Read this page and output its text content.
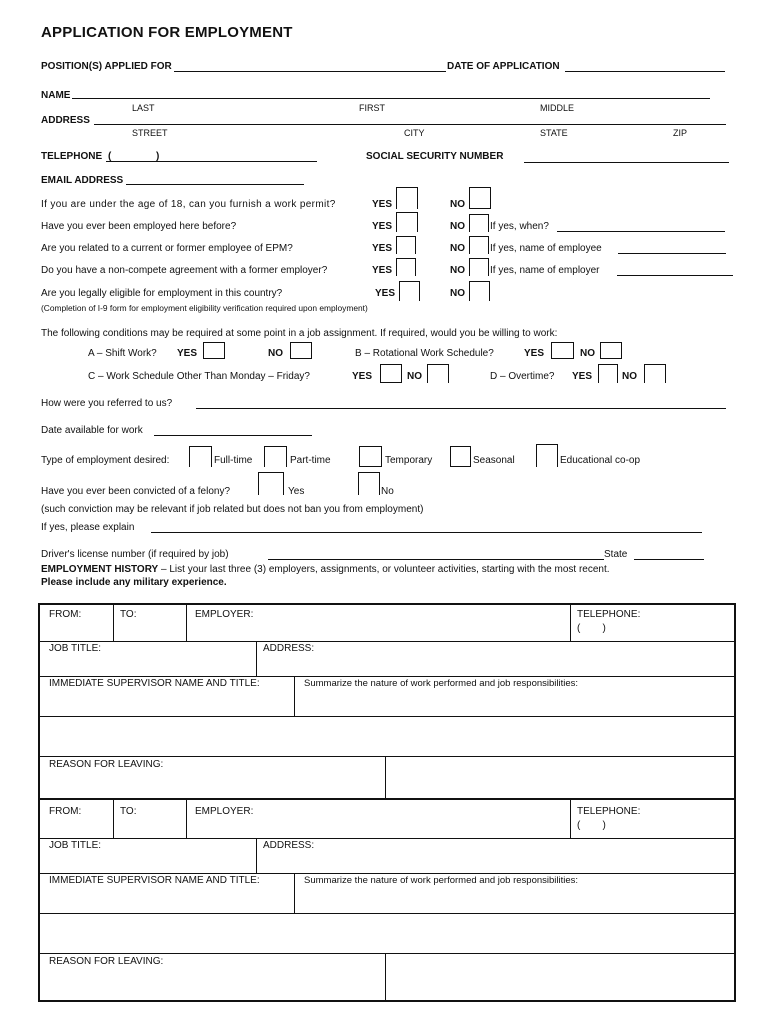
APPLICATION FOR EMPLOYMENT
POSITION(S) APPLIED FOR	DATE OF APPLICATION
NAME
LAST	FIRST	MIDDLE
ADDRESS
STREET	CITY	STATE	ZIP
TELEPHONE (	)	SOCIAL SECURITY NUMBER
EMAIL ADDRESS
If you are under the age of 18, can you furnish a work permit?	YES	NO
Have you ever been employed here before?	YES	NO	If yes, when?
Are you related to a current or former employee of EPM?	YES	NO	If yes, name of employee
Do you have a non-compete agreement with a former employer?	YES	NO	If yes, name of employer
Are you legally eligible for employment in this country?	YES	NO
(Completion of I-9 form for employment eligibility verification required upon employment)
The following conditions may be required at some point in a job assignment. If required, would you be willing to work:
A – Shift Work? YES	NO	B – Rotational Work Schedule?	YES	NO
C – Work Schedule Other Than Monday – Friday?	YES	NO	D – Overtime? YES	NO
How were you referred to us?
Date available for work
Type of employment desired:	Full-time	Part-time	Temporary	Seasonal	Educational co-op
Have you ever been convicted of a felony?	Yes	No
(such conviction may be relevant if job related but does not ban you from employment)
If yes, please explain
Driver's license number (if required by job)	State
EMPLOYMENT HISTORY – List your last three (3) employers, assignments, or volunteer activities, starting with the most recent.
Please include any military experience.
FROM:	TO:	EMPLOYER:	TELEPHONE:
(        )
JOB TITLE:	ADDRESS:
IMMEDIATE SUPERVISOR NAME AND TITLE:	Summarize the nature of work performed and job responsibilities:
REASON FOR LEAVING:
FROM:	TO:	EMPLOYER:	TELEPHONE:
(        )
JOB TITLE:	ADDRESS:
IMMEDIATE SUPERVISOR NAME AND TITLE:	Summarize the nature of work performed and job responsibilities:
REASON FOR LEAVING:
